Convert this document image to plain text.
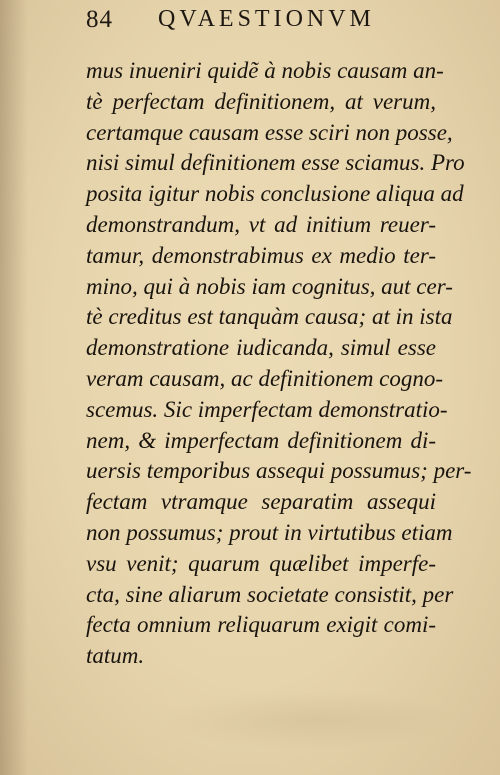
84 QVAESTIONVM
mus inueniri quidẽ à nobis causam an-
tè perfectam definitionem, at verum,
certamque causam esse sciri non posse,
nisi simul definitionem esse sciamus. Pro
posita igitur nobis conclusione aliqua ad
demonstrandum, vt ad initium reuer-
tamur, demonstrabimus ex medio ter-
mino, qui à nobis iam cognitus, aut cer-
tè creditus est tanquàm causa; at in ista
demonstratione iudicanda, simul esse
veram causam, ac definitionem cogno-
scemus. Sic imperfectam demonstratio-
nem, & imperfectam definitionem di-
uersis temporibus assequi possumus; per-
fectam vtramque separatim assequi
non possumus; prout in virtutibus etiam
vsu venit; quarum quælibet imperfe-
cta, sine aliarum societate consistit, per
fecta omnium reliquarum exigit comi-
tatum.
